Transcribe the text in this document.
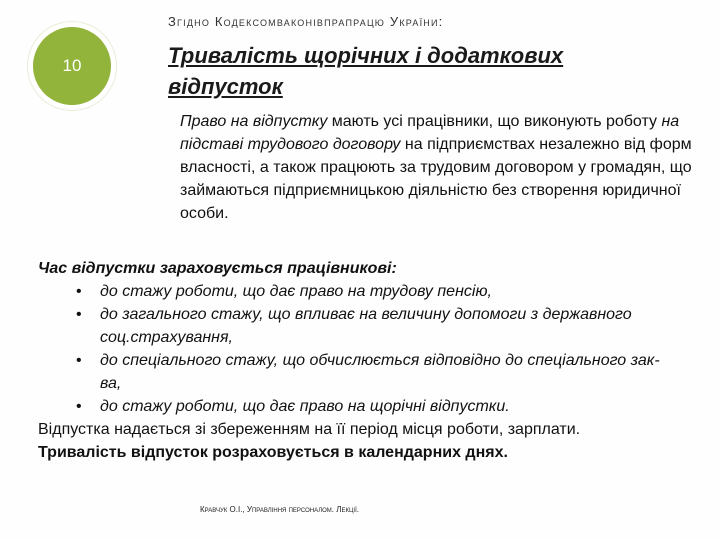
10
Згідно Кодексомваконівпрапрацю України:
Тривалість щорічних і додаткових
відпусток
Право на відпустку мають усі працівники, що виконують роботу на підставі трудового договору на підприємствах незалежно від форм власності, а також працюють за трудовим договором у громадян, що займаються підприємницькою діяльністю без створення юридичної особи.
Час відпустки зараховується працівникові:
• до стажу роботи, що дає право на трудову пенсію,
• до загального стажу, що впливає на величину допомоги з державного соц.страхування,
• до спеціального стажу, що обчислюється відповідно до спеціального зак-ва,
• до стажу роботи, що дає право на щорічні відпустки.
Відпустка надається зі збереженням на її період місця роботи, зарплати.
Тривалість відпусток розраховується в календарних днях.
Кравчук О.І., Управління персоналом. Лекції.
